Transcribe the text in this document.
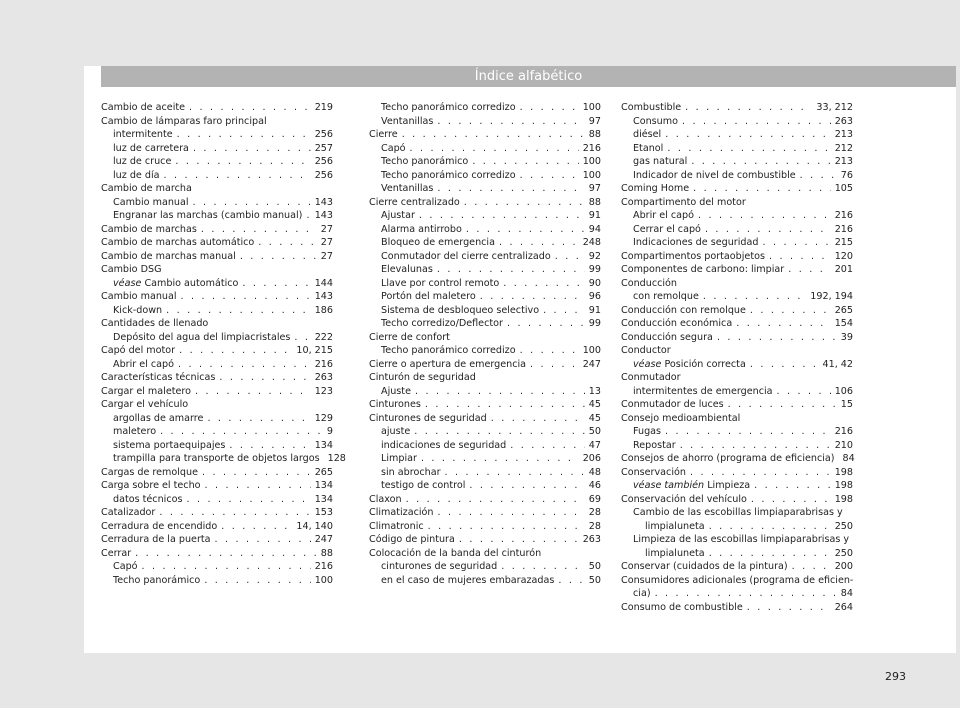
Índice alfabético
Cambio de aceite . . .	219
Cambio de lámparas faro principal
intermitente . . .	256
luz de carretera . . .	257
luz de cruce . . .	256
luz de día . . .	256
Cambio de marcha
Cambio manual . . .	143
Engranar las marchas (cambio manual) . . . 143
Cambio de marchas . . .	27
Cambio de marchas automático . . .	27
Cambio de marchas manual . . .	27
Cambio DSG
véase Cambio automático . . .	144
Cambio manual . . .	143
Kick-down . . .	186
Cantidades de llenado
Depósito del agua del limpiacristales . . .	222
Capó del motor . . .	10, 215
Abrir el capó . . .	216
Características técnicas . . .	263
Cargar el maletero . . .	123
Cargar el vehículo
argollas de amarre . . .	129
maletero . . .	9
sistema portaequipajes . . .	134
trampilla para transporte de objetos largos 128
Cargas de remolque . . .	265
Carga sobre el techo . . .	134
datos técnicos . . .	134
Catalizador . . .	153
Cerradura de encendido . . .	14, 140
Cerradura de la puerta . . .	247
Cerrar . . .	88
Capó . . .	216
Techo panorámico . . .	100
Techo panorámico corredizo . . .	100
Ventanillas . . .	97
Cierre . . .	88
Capó . . .	216
Techo panorámico . . .	100
Techo panorámico corredizo . . .	100
Ventanillas . . .	97
Cierre centralizado . . .	88
Ajustar . . .	91
Alarma antirrobo . . .	94
Bloqueo de emergencia . . .	248
Conmutador del cierre centralizado . . .	92
Elevalunas . . .	99
Llave por control remoto . . .	90
Portón del maletero . . .	96
Sistema de desbloqueo selectivo . . .	91
Techo corredizo/Deflector . . .	99
Cierre de confort
Techo panorámico corredizo . . .	100
Cierre o apertura de emergencia . . .	247
Cinturón de seguridad
Ajuste . . .	13
Cinturones . . .	45
Cinturones de seguridad . . .	45
ajuste . . .	50
indicaciones de seguridad . . .	47
Limpiar . . .	206
sin abrochar . . .	48
testigo de control . . .	46
Claxon . . .	69
Climatización . . .	28
Climatronic . . .	28
Código de pintura . . .	263
Colocación de la banda del cinturón
cinturones de seguridad . . .	50
en el caso de mujeres embarazadas . . .	50
Combustible . . .	33, 212
Consumo . . .	263
diésel . . .	213
Etanol . . .	212
gas natural . . .	213
Indicador de nivel de combustible . . .	76
Coming Home . . .	105
Compartimento del motor
Abrir el capó . . .	216
Cerrar el capó . . .	216
Indicaciones de seguridad . . .	215
Compartimentos portaobjetos . . .	120
Componentes de carbono: limpiar . . .	201
Conducción
con remolque . . .	192, 194
Conducción con remolque . . .	265
Conducción económica . . .	154
Conducción segura . . .	39
Conductor
véase Posición correcta . . .	41, 42
Conmutador
intermitentes de emergencia . . .	106
Conmutador de luces . . .	15
Consejo medioambiental
Fugas . . .	216
Repostar . . .	210
Consejos de ahorro (programa de eficiencia) 84
Conservación . . .	198
véase también Limpieza . . .	198
Conservación del vehículo . . .	198
Cambio de las escobillas limpiaparabrisas y
limpialuneta . . .	250
Limpieza de las escobillas limpiaparabrisas y
limpialuneta . . .	250
Conservar (cuidados de la pintura) . . .	200
Consumidores adicionales (programa de eficien-
cia) . . .	84
Consumo de combustible . . .	264
293
